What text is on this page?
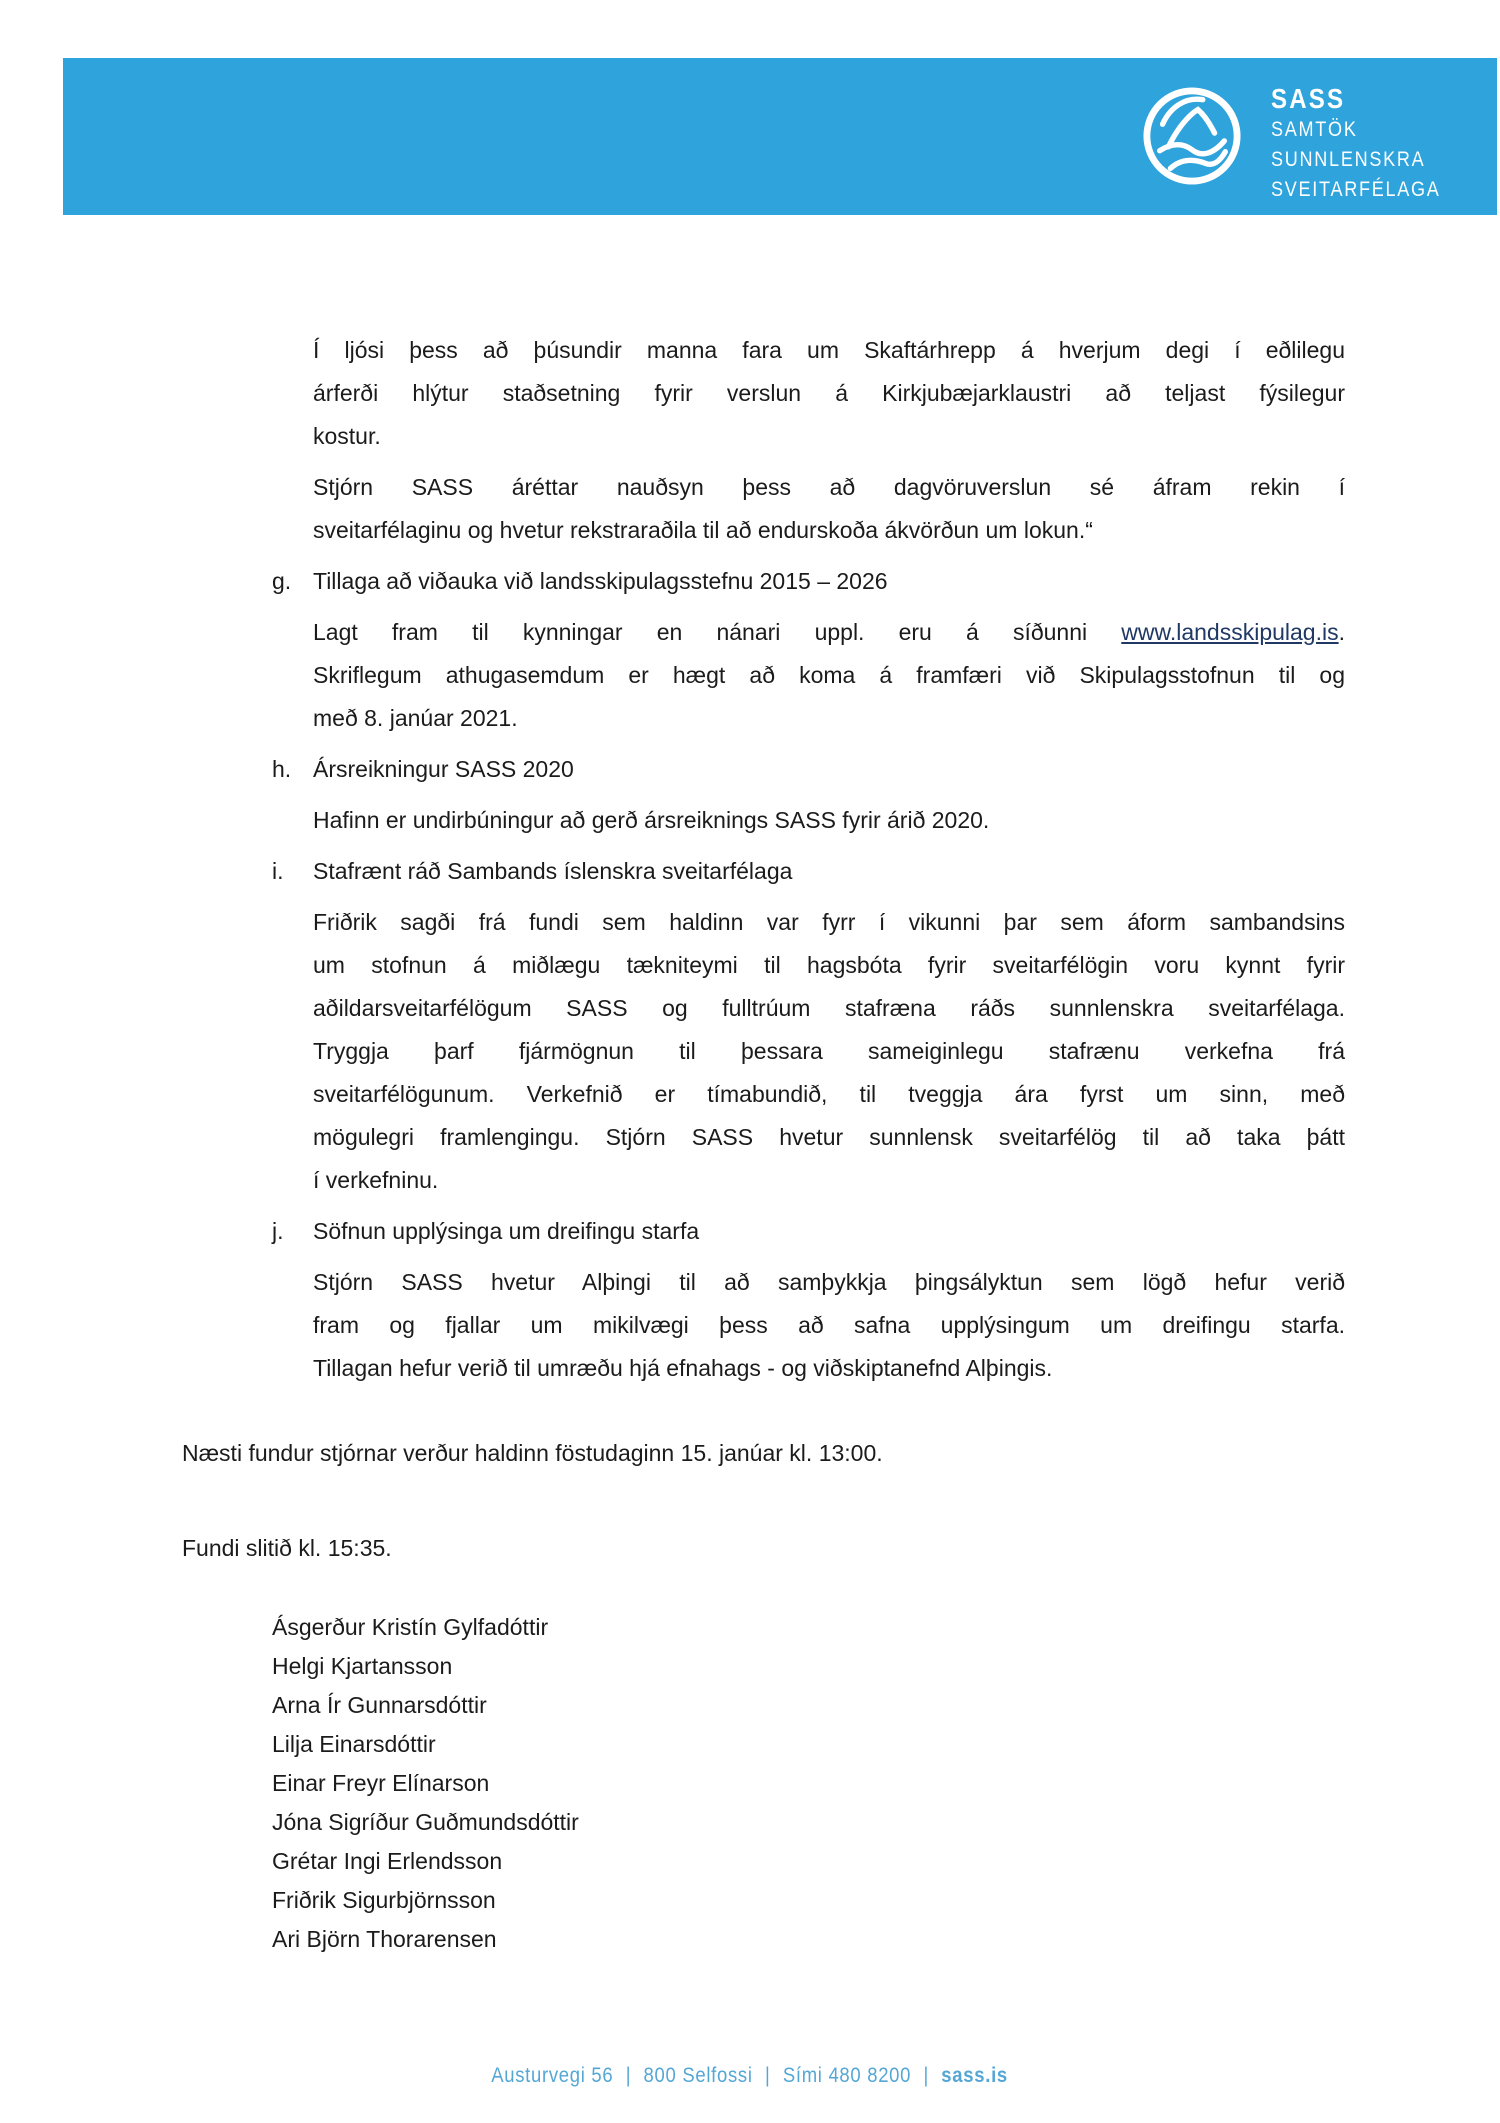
SASS
SAMTÖK
SUNNLENSKRA
SVEITARFÉLAGA
Í ljósi þess að þúsundir manna fara um Skaftárhrepp á hverjum degi í eðlilegu
árferði hlýtur staðsetning fyrir verslun á Kirkjubæjarklaustri að teljast fýsilegur
kostur.
Stjórn SASS áréttar nauðsyn þess að dagvöruverslun sé áfram rekin í
sveitarfélaginu og hvetur rekstraraðila til að endurskoða ákvörðun um lokun.“
g. Tillaga að viðauka við landsskipulagsstefnu 2015 – 2026
Lagt fram til kynningar en nánari uppl. eru á síðunni www.landsskipulag.is.
Skriflegum athugasemdum er hægt að koma á framfæri við Skipulagsstofnun til og
með 8. janúar 2021.
h. Ársreikningur SASS 2020
Hafinn er undirbúningur að gerð ársreiknings SASS fyrir árið 2020.
i.	Stafrænt ráð Sambands íslenskra sveitarfélaga
Friðrik sagði frá fundi sem haldinn var fyrr í vikunni þar sem áform sambandsins
um stofnun á miðlægu tækniteymi til hagsbóta fyrir sveitarfélögin voru kynnt fyrir
aðildarsveitarfélögum SASS og fulltrúum stafræna ráðs sunnlenskra sveitarfélaga.
Tryggja þarf fjármögnun til þessara sameiginlegu stafrænu verkefna frá
sveitarfélögunum. Verkefnið er tímabundið, til tveggja ára fyrst um sinn, með
mögulegri framlengingu. Stjórn SASS hvetur sunnlensk sveitarfélög til að taka þátt
í verkefninu.
j.	Söfnun upplýsinga um dreifingu starfa
Stjórn SASS hvetur Alþingi til að samþykkja þingsályktun sem lögð hefur verið
fram og fjallar um mikilvægi þess að safna upplýsingum um dreifingu starfa.
Tillagan hefur verið til umræðu hjá efnahags - og viðskiptanefnd Alþingis.
Næsti fundur stjórnar verður haldinn föstudaginn 15. janúar kl. 13:00.
Fundi slitið kl. 15:35.
Ásgerður Kristín Gylfadóttir
Helgi Kjartansson
Arna Ír Gunnarsdóttir
Lilja Einarsdóttir
Einar Freyr Elínarson
Jóna Sigríður Guðmundsdóttir
Grétar Ingi Erlendsson
Friðrik Sigurbjörnsson
Ari Björn Thorarensen
Austurvegi 56 | 800 Selfossi | Sími 480 8200 | sass.is
